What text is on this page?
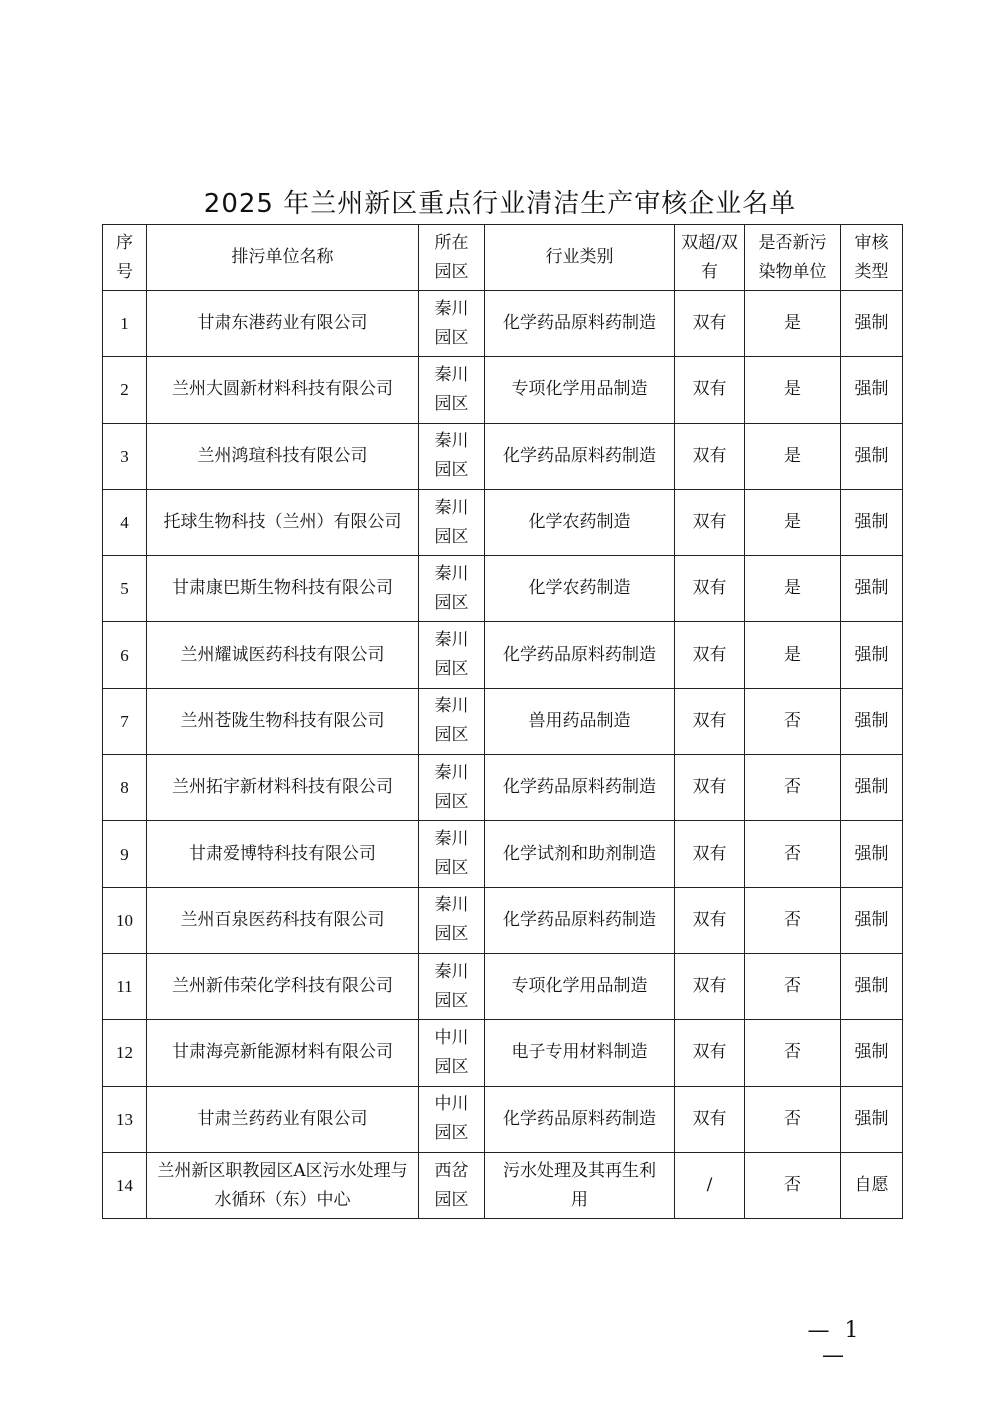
2025 年兰州新区重点行业清洁生产审核企业名单
序号	排污单位名称	所在园区	行业类别	双超/双有	是否新污染物单位	审核类型
1	甘肃东港药业有限公司	秦川园区	化学药品原料药制造	双有	是	强制
2	兰州大圆新材料科技有限公司	秦川园区	专项化学用品制造	双有	是	强制
3	兰州鸿瑄科技有限公司	秦川园区	化学药品原料药制造	双有	是	强制
4	托球生物科技（兰州）有限公司	秦川园区	化学农药制造	双有	是	强制
5	甘肃康巴斯生物科技有限公司	秦川园区	化学农药制造	双有	是	强制
6	兰州耀诚医药科技有限公司	秦川园区	化学药品原料药制造	双有	是	强制
7	兰州苍陇生物科技有限公司	秦川园区	兽用药品制造	双有	否	强制
8	兰州拓宇新材料科技有限公司	秦川园区	化学药品原料药制造	双有	否	强制
9	甘肃爱博特科技有限公司	秦川园区	化学试剂和助剂制造	双有	否	强制
10	兰州百泉医药科技有限公司	秦川园区	化学药品原料药制造	双有	否	强制
11	兰州新伟荣化学科技有限公司	秦川园区	专项化学用品制造	双有	否	强制
12	甘肃海亮新能源材料有限公司	中川园区	电子专用材料制造	双有	否	强制
13	甘肃兰药药业有限公司	中川园区	化学药品原料药制造	双有	否	强制
14	兰州新区职教园区A区污水处理与水循环（东）中心	西岔园区	污水处理及其再生利用	/	否	自愿
— 1 —
